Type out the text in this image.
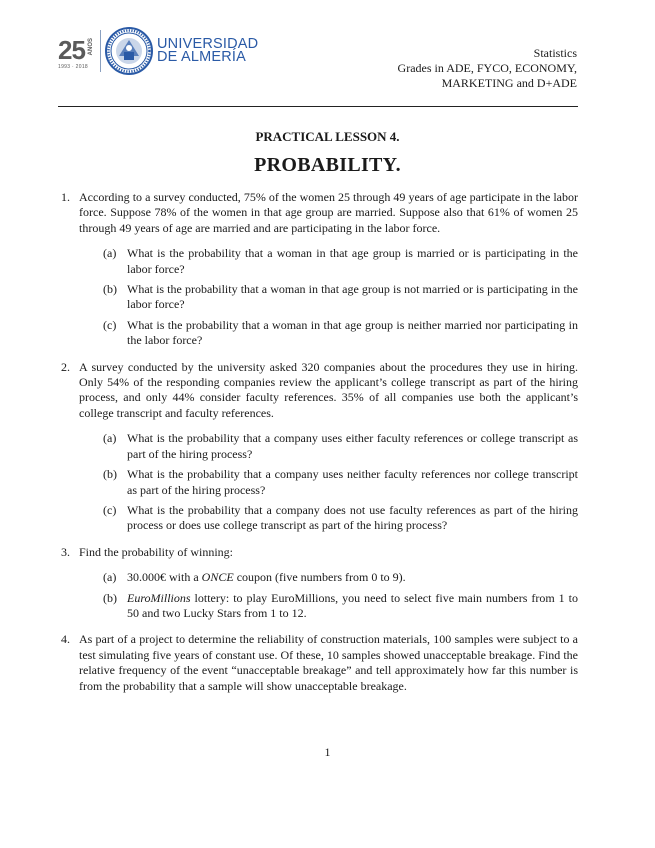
25 AÑOS
1993 · 2018
UNIVERSIDAD
DE ALMERÍA	Statistics
Grades in ADE, FYCO, ECONOMY,
MARKETING and D+ADE
PRACTICAL LESSON 4.
PROBABILITY.
1. According to a survey conducted, 75% of the women 25 through 49 years of age participate in the labor force. Suppose 78% of the women in that age group are married. Suppose also that 61% of women 25 through 49 years of age are married and are participating in the labor force.
(a) What is the probability that a woman in that age group is married or is participating in the labor force?
(b) What is the probability that a woman in that age group is not married or is participating in the labor force?
(c) What is the probability that a woman in that age group is neither married nor participating in the labor force?
2. A survey conducted by the university asked 320 companies about the procedures they use in hiring. Only 54% of the responding companies review the applicant’s college transcript as part of the hiring process, and only 44% consider faculty references. 35% of all companies use both the applicant’s college transcript and faculty references.
(a) What is the probability that a company uses either faculty references or college transcript as part of the hiring process?
(b) What is the probability that a company uses neither faculty references nor college transcript as part of the hiring process?
(c) What is the probability that a company does not use faculty references as part of the hiring process or does use college transcript as part of the hiring process?
3. Find the probability of winning:
(a) 30.000€ with a ONCE coupon (five numbers from 0 to 9).
(b) EuroMillions lottery: to play EuroMillions, you need to select five main numbers from 1 to 50 and two Lucky Stars from 1 to 12.
4. As part of a project to determine the reliability of construction materials, 100 samples were subject to a test simulating five years of constant use. Of these, 10 samples showed unacceptable breakage. Find the relative frequency of the event “unacceptable breakage” and tell approximately how far this number is from the probability that a sample will show unacceptable breakage.
1
